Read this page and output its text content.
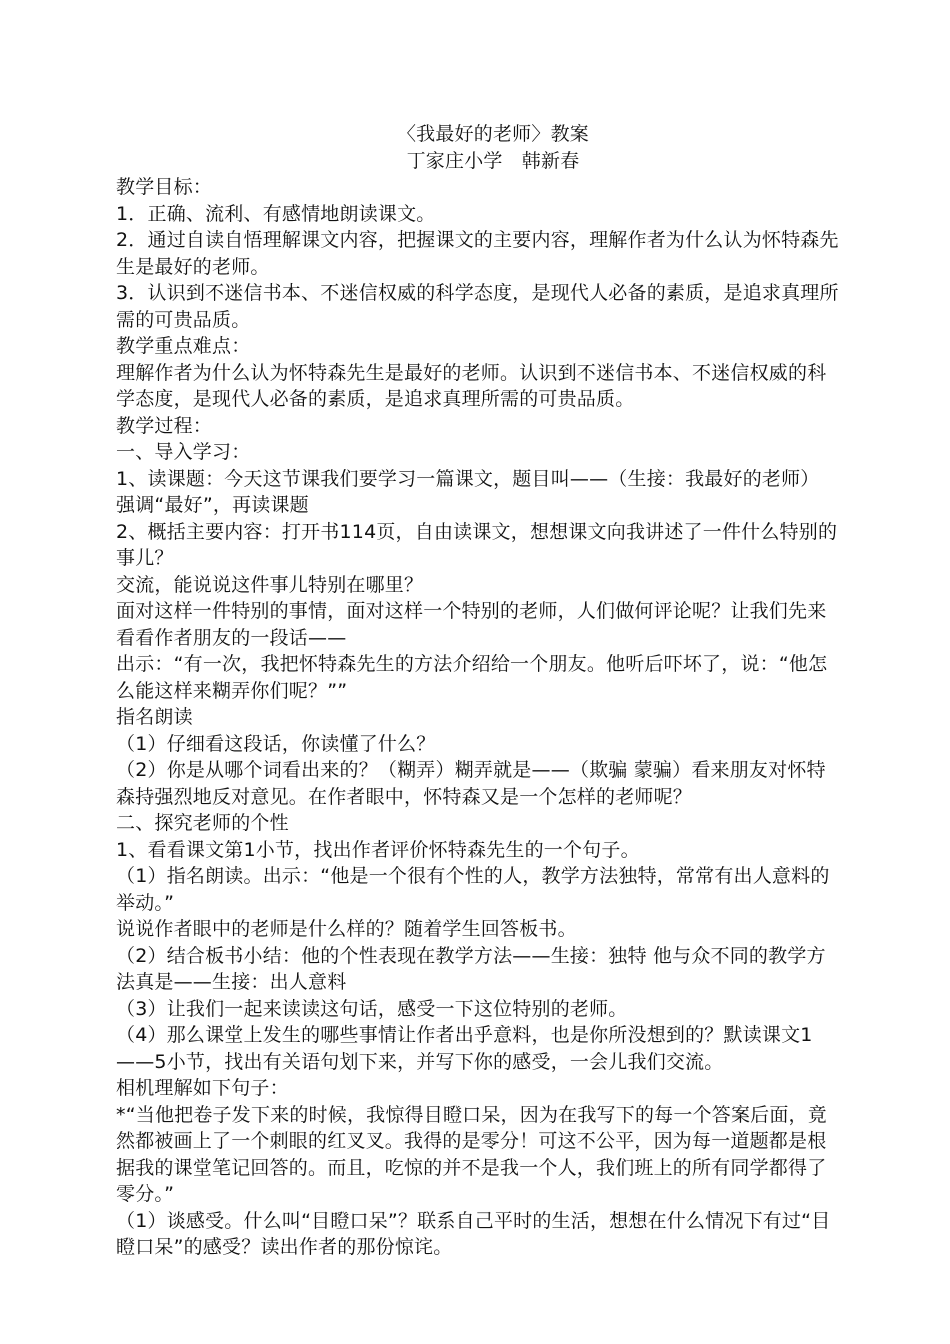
〈我最好的老师〉教案

丁家庄小学　韩新春

教学目标：

1．正确、流利、有感情地朗读课文。

2．通过自读自悟理解课文内容，把握课文的主要内容，理解作者为什么认为怀特森先生是最好的老师。

3．认识到不迷信书本、不迷信权威的科学态度，是现代人必备的素质，是追求真理所需的可贵品质。

教学重点难点：

理解作者为什么认为怀特森先生是最好的老师。认识到不迷信书本、不迷信权威的科学态度，是现代人必备的素质，是追求真理所需的可贵品质。

教学过程：

一、导入学习：

1、读课题：今天这节课我们要学习一篇课文，题目叫——（生接：我最好的老师）

强调“最好”，再读课题

2、概括主要内容：打开书114页，自由读课文，想想课文向我讲述了一件什么特别的事儿？

交流，能说说这件事儿特别在哪里？

面对这样一件特别的事情，面对这样一个特别的老师，人们做何评论呢？让我们先来看看作者朋友的一段话——

出示：“有一次，我把怀特森先生的方法介绍给一个朋友。他听后吓坏了，说：“他怎么能这样来糊弄你们呢？””

指名朗读

（1）仔细看这段话，你读懂了什么？

（2）你是从哪个词看出来的？（糊弄）糊弄就是——（欺骗 蒙骗）看来朋友对怀特森持强烈地反对意见。在作者眼中，怀特森又是一个怎样的老师呢？

二、探究老师的个性

1、看看课文第1小节，找出作者评价怀特森先生的一个句子。

（1）指名朗读。出示：“他是一个很有个性的人，教学方法独特，常常有出人意料的举动。”

说说作者眼中的老师是什么样的？随着学生回答板书。

（2）结合板书小结：他的个性表现在教学方法——生接：独特 他与众不同的教学方法真是——生接：出人意料

（3）让我们一起来读读这句话，感受一下这位特别的老师。

（4）那么课堂上发生的哪些事情让作者出乎意料，也是你所没想到的？默读课文1——5小节，找出有关语句划下来，并写下你的感受，一会儿我们交流。

相机理解如下句子：

*“当他把卷子发下来的时候，我惊得目瞪口呆，因为在我写下的每一个答案后面，竟然都被画上了一个刺眼的红叉叉。我得的是零分！可这不公平，因为每一道题都是根据我的课堂笔记回答的。而且，吃惊的并不是我一个人，我们班上的所有同学都得了零分。”

（1）谈感受。什么叫“目瞪口呆”？联系自己平时的生活，想想在什么情况下有过“目瞪口呆”的感受？读出作者的那份惊诧。
